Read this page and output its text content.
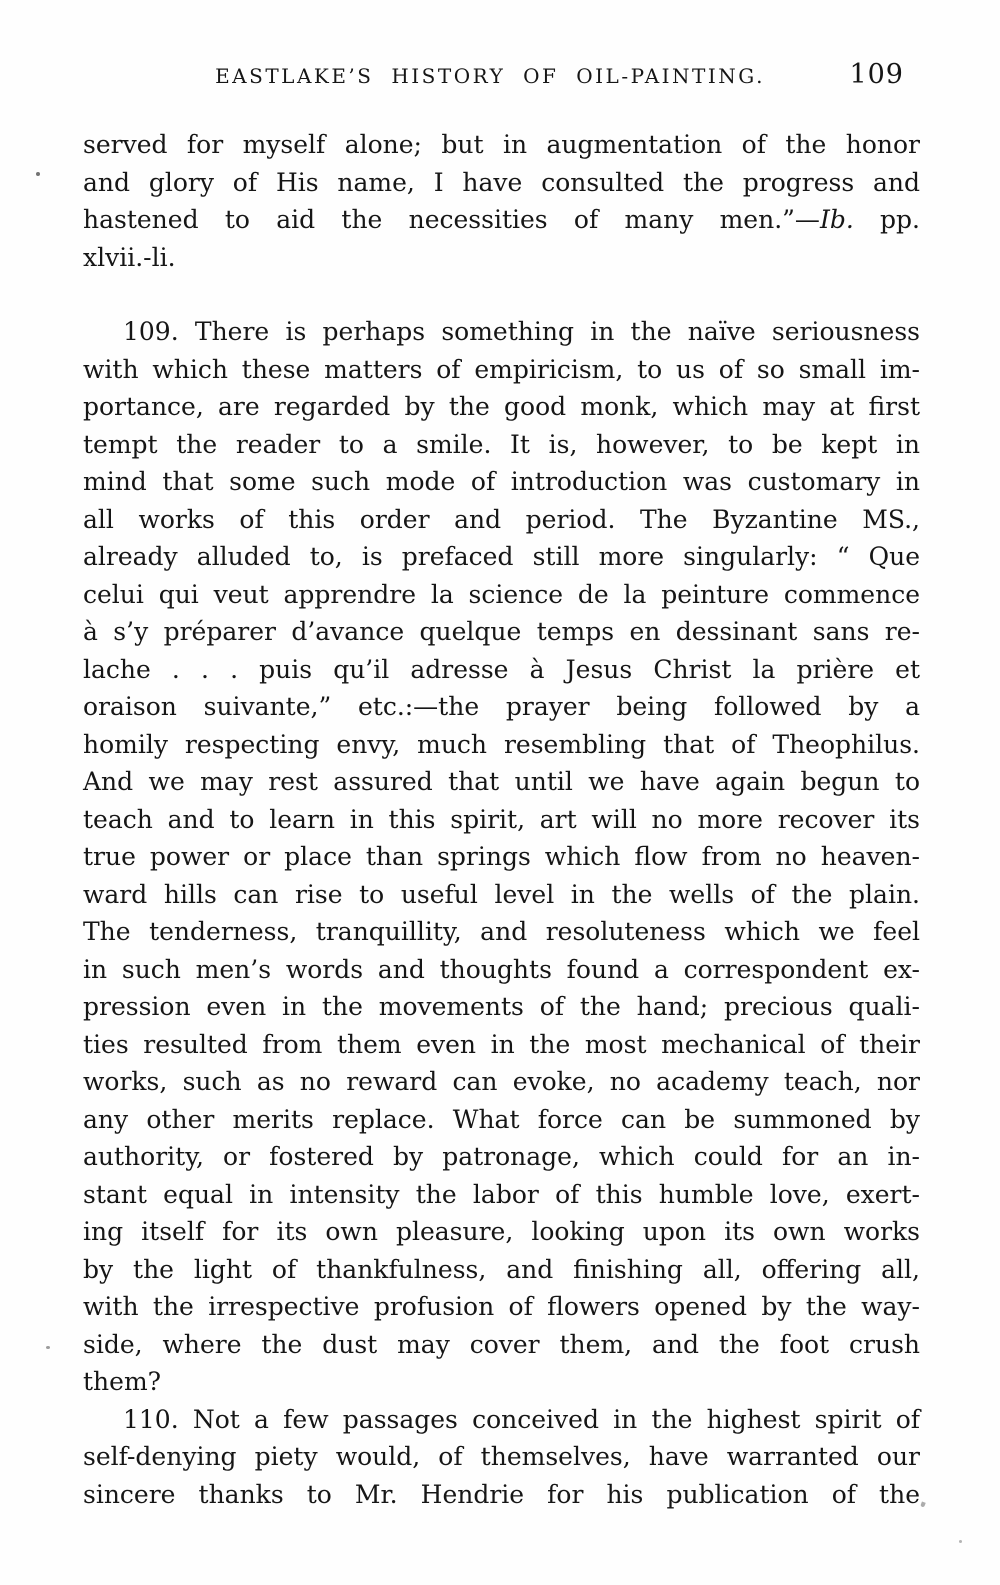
EASTLAKE’S HISTORY OF OIL-PAINTING.	109
served for myself alone; but in augmentation of the honor
and glory of His name, I have consulted the progress and
hastened to aid the necessities of many men.”—Ib. pp.
xlvii.-li.
109. There is perhaps something in the naïve seriousness
with which these matters of empiricism, to us of so small im-
portance, are regarded by the good monk, which may at first
tempt the reader to a smile. It is, however, to be kept in
mind that some such mode of introduction was customary in
all works of this order and period. The Byzantine MS.,
already alluded to, is prefaced still more singularly: “ Que
celui qui veut apprendre la science de la peinture commence
à s’y préparer d’avance quelque temps en dessinant sans re-
lache . . . puis qu’il adresse à Jesus Christ la prière et
oraison suivante,” etc.:—the prayer being followed by a
homily respecting envy, much resembling that of Theophilus.
And we may rest assured that until we have again begun to
teach and to learn in this spirit, art will no more recover its
true power or place than springs which flow from no heaven-
ward hills can rise to useful level in the wells of the plain.
The tenderness, tranquillity, and resoluteness which we feel
in such men’s words and thoughts found a correspondent ex-
pression even in the movements of the hand; precious quali-
ties resulted from them even in the most mechanical of their
works, such as no reward can evoke, no academy teach, nor
any other merits replace. What force can be summoned by
authority, or fostered by patronage, which could for an in-
stant equal in intensity the labor of this humble love, exert-
ing itself for its own pleasure, looking upon its own works
by the light of thankfulness, and finishing all, offering all,
with the irrespective profusion of flowers opened by the way-
side, where the dust may cover them, and the foot crush
them?
110. Not a few passages conceived in the highest spirit of
self-denying piety would, of themselves, have warranted our
sincere thanks to Mr. Hendrie for his publication of the
